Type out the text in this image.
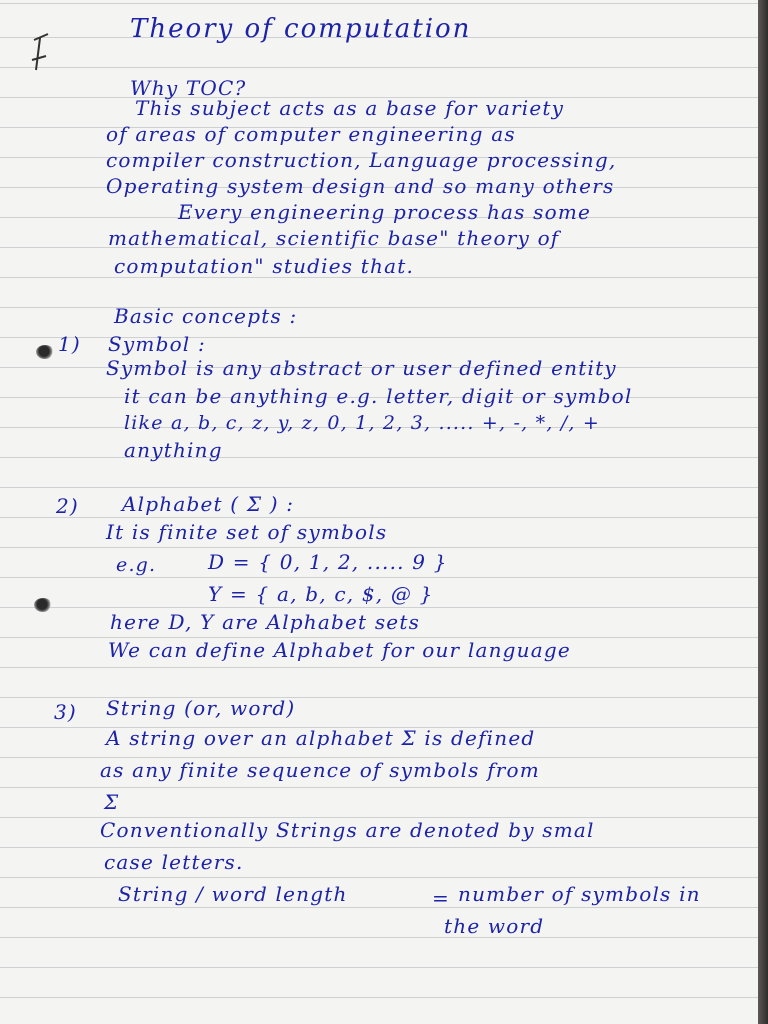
Theory of computation
Why TOC?
This subject acts as a base for variety
of areas of computer engineering as
compiler construction, Language processing,
Operating system design and so many others
Every engineering process has some
mathematical, scientific base" theory of
computation" studies that.
Basic concepts :
1) Symbol :
Symbol is any abstract or user defined entity
it can be anything e.g. letter, digit or symbol
like a, b, c, z, y, z, 0, 1, 2, 3, ..... +, -, *, /, +
anything
2) Alphabet ( Σ ) :
It is finite set of symbols
e.g.	D = { 0, 1, 2, ..... 9 }
Y = { a, b, c, $, @ }
here D, Y are Alphabet sets
We can define Alphabet for our language
3) String (or, word)
A string over an alphabet Σ is defined
as any finite sequence of symbols from
Σ
Conventionally Strings are denoted by smal
case letters.
String / word length	= number of symbols in
the word
